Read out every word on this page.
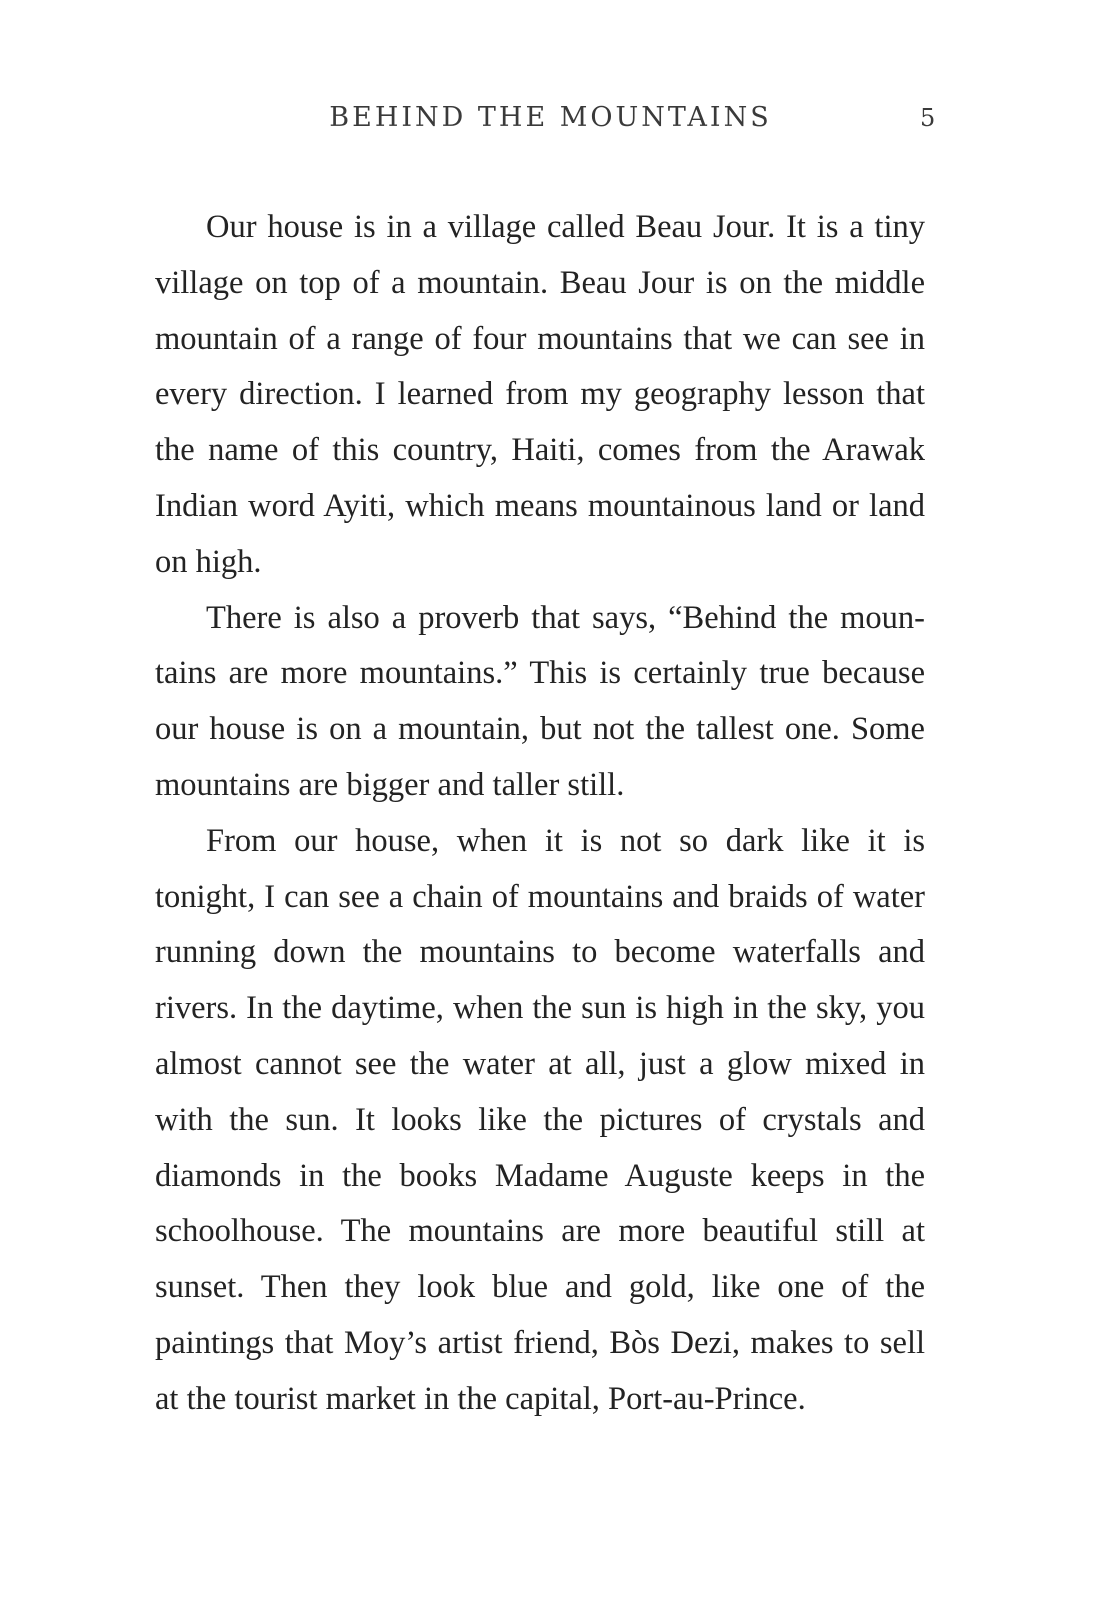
BEHIND THE MOUNTAINS	5

Our house is in a village called Beau Jour. It is a tiny village on top of a mountain. Beau Jour is on the middle mountain of a range of four mountains that we can see in every direction. I learned from my geography lesson that the name of this country, Haiti, comes from the Arawak Indian word Ayiti, which means mountainous land or land on high.

There is also a proverb that says, “Behind the mountains are more mountains.” This is certainly true because our house is on a mountain, but not the tallest one. Some mountains are bigger and taller still.

From our house, when it is not so dark like it is tonight, I can see a chain of mountains and braids of water running down the mountains to become waterfalls and rivers. In the daytime, when the sun is high in the sky, you almost cannot see the water at all, just a glow mixed in with the sun. It looks like the pictures of crystals and diamonds in the books Madame Auguste keeps in the schoolhouse. The mountains are more beautiful still at sunset. Then they look blue and gold, like one of the paintings that Moy’s artist friend, Bòs Dezi, makes to sell at the tourist market in the capital, Port-au-Prince.
